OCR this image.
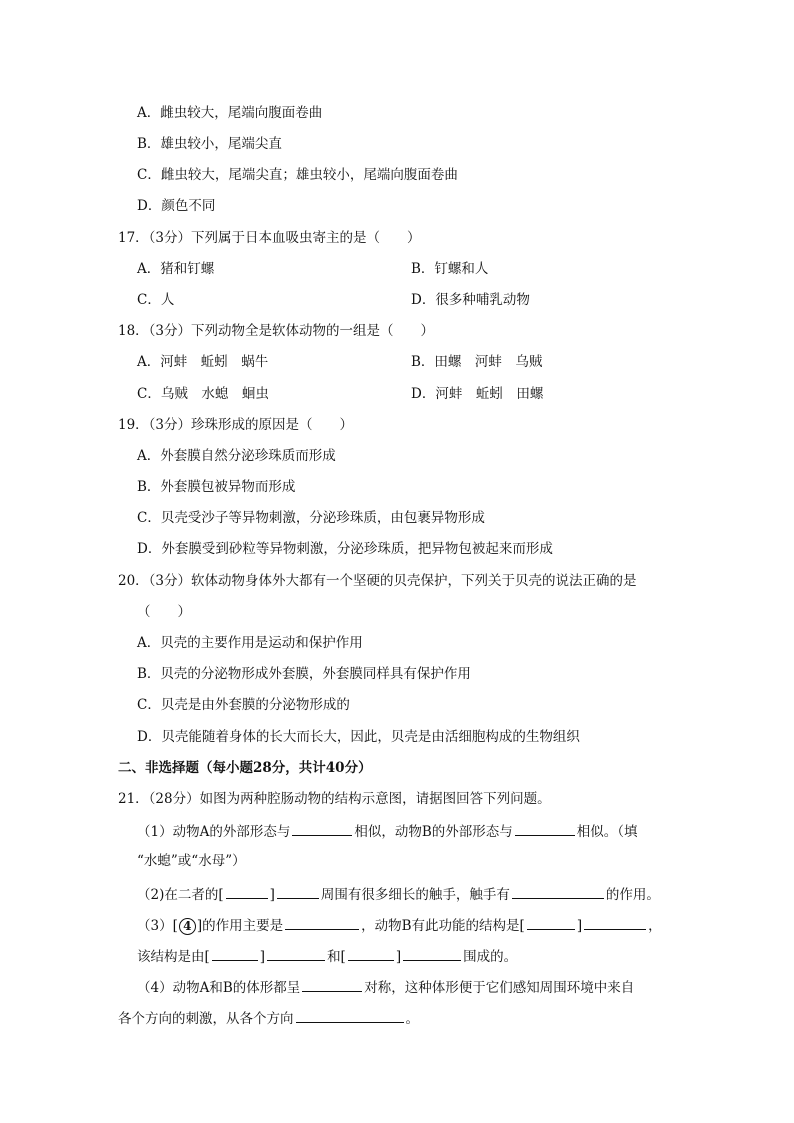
A．雌虫较大，尾端向腹面卷曲
B．雄虫较小，尾端尖直
C．雌虫较大，尾端尖直；雄虫较小，尾端向腹面卷曲
D．颜色不同
17．（3分）下列属于日本血吸虫寄主的是（　　）
A．猪和钉螺	B．钉螺和人
C．人	D．很多种哺乳动物
18．（3分）下列动物全是软体动物的一组是（　　）
A．河蚌　蚯蚓　蜗牛	B．田螺　河蚌　乌贼
C．乌贼　水螅　蛔虫	D．河蚌　蚯蚓　田螺
19．（3分）珍珠形成的原因是（　　）
A．外套膜自然分泌珍珠质而形成
B．外套膜包被异物而形成
C．贝壳受沙子等异物刺激，分泌珍珠质，由包裹异物形成
D．外套膜受到砂粒等异物刺激，分泌珍珠质，把异物包被起来而形成
20．（3分）软体动物身体外大都有一个坚硬的贝壳保护，下列关于贝壳的说法正确的是
（　　）
A．贝壳的主要作用是运动和保护作用
B．贝壳的分泌物形成外套膜，外套膜同样具有保护作用
C．贝壳是由外套膜的分泌物形成的
D．贝壳能随着身体的长大而长大，因此，贝壳是由活细胞构成的生物组织
二、非选择题（每小题28分，共计40分）
21．（28分）如图为两种腔肠动物的结构示意图，请据图回答下列问题。
（1）动物A的外部形态与	相似，动物B的外部形态与	相似。（填
“水螅”或“水母”）
（2)在二者的[	]	周围有很多细长的触手，触手有	的作用。
（3）[ 4 ]的作用主要是	，动物B有此功能的结构是[	]	，
该结构是由[	]	和[	]	围成的。
（4）动物A和B的体形都呈	对称，这种体形便于它们感知周围环境中来自
各个方向的刺激，从各个方向	。
